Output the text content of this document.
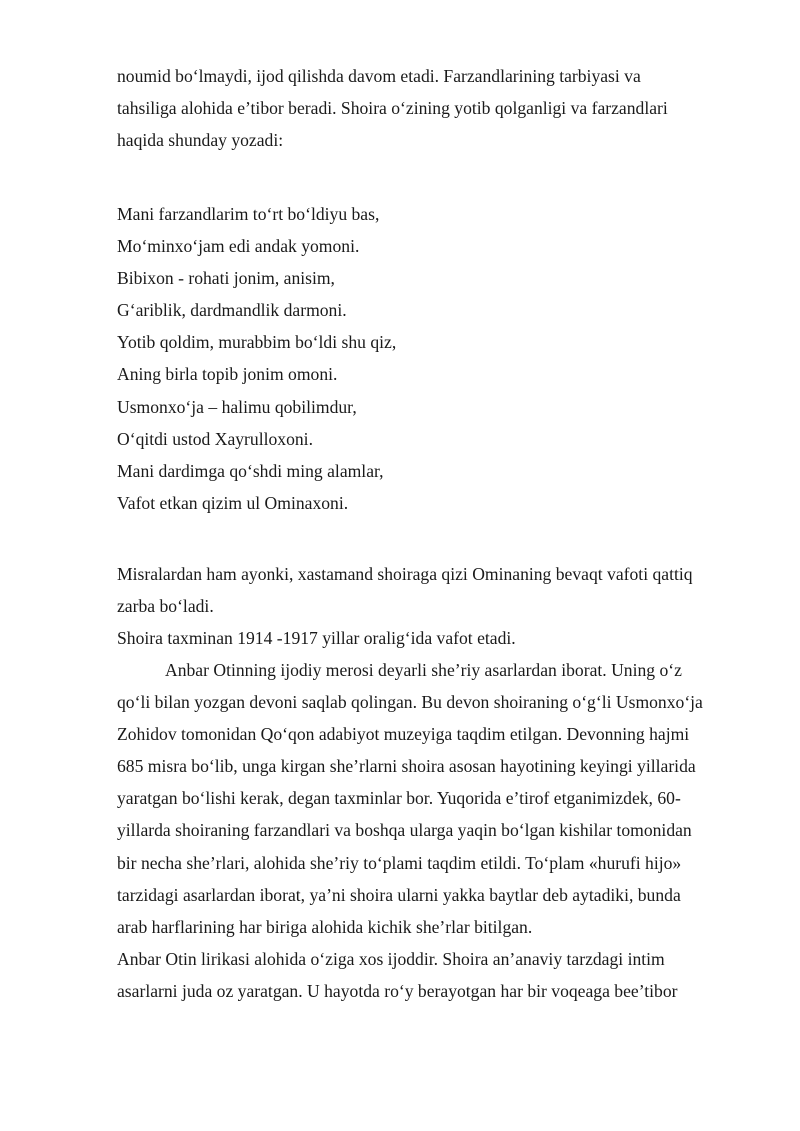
noumid bo‘lmaydi, ijod qilishda davom etadi. Farzandlarining tarbiyasi va
tahsiliga alohida e’tibor beradi. Shoira o‘zining yotib qolganligi va farzandlari
haqida shunday yozadi:
Mani farzandlarim to‘rt bo‘ldiyu bas,
Mo‘minxo‘jam edi andak yomoni.
Bibixon - rohati jonim, anisim,
G‘ariblik, dardmandlik darmoni.
Yotib qoldim, murabbim bo‘ldi shu qiz,
Aning birla topib jonim omoni.
Usmonxo‘ja – halimu qobilimdur,
O‘qitdi ustod Xayrulloxoni.
Mani dardimga qo‘shdi ming alamlar,
Vafot etkan qizim ul Ominaxoni.
Misralardan ham ayonki, xastamand shoiraga qizi Ominaning bevaqt vafoti qattiq
zarba bo‘ladi.
Shoira taxminan 1914 -1917 yillar oralig‘ida vafot etadi.
Anbar Otinning ijodiy merosi deyarli she’riy asarlardan iborat. Uning o‘z
qo‘li bilan yozgan devoni saqlab qolingan. Bu devon shoiraning o‘g‘li Usmonxo‘ja
Zohidov tomonidan Qo‘qon adabiyot muzeyiga taqdim etilgan. Devonning hajmi
685 misra bo‘lib, unga kirgan she’rlarni shoira asosan hayotining keyingi yillarida
yaratgan bo‘lishi kerak, degan taxminlar bor. Yuqorida e’tirof etganimizdek, 60-
yillarda shoiraning farzandlari va boshqa ularga yaqin bo‘lgan kishilar tomonidan
bir necha she’rlari, alohida she’riy to‘plami taqdim etildi. To‘plam «hurufi hijo»
tarzidagi asarlardan iborat, ya’ni shoira ularni yakka baytlar deb aytadiki, bunda
arab harflarining har biriga alohida kichik she’rlar bitilgan.
Anbar Otin lirikasi alohida o‘ziga xos ijoddir. Shoira an’anaviy tarzdagi intim
asarlarni juda oz yaratgan. U hayotda ro‘y berayotgan har bir voqeaga bee’tibor
